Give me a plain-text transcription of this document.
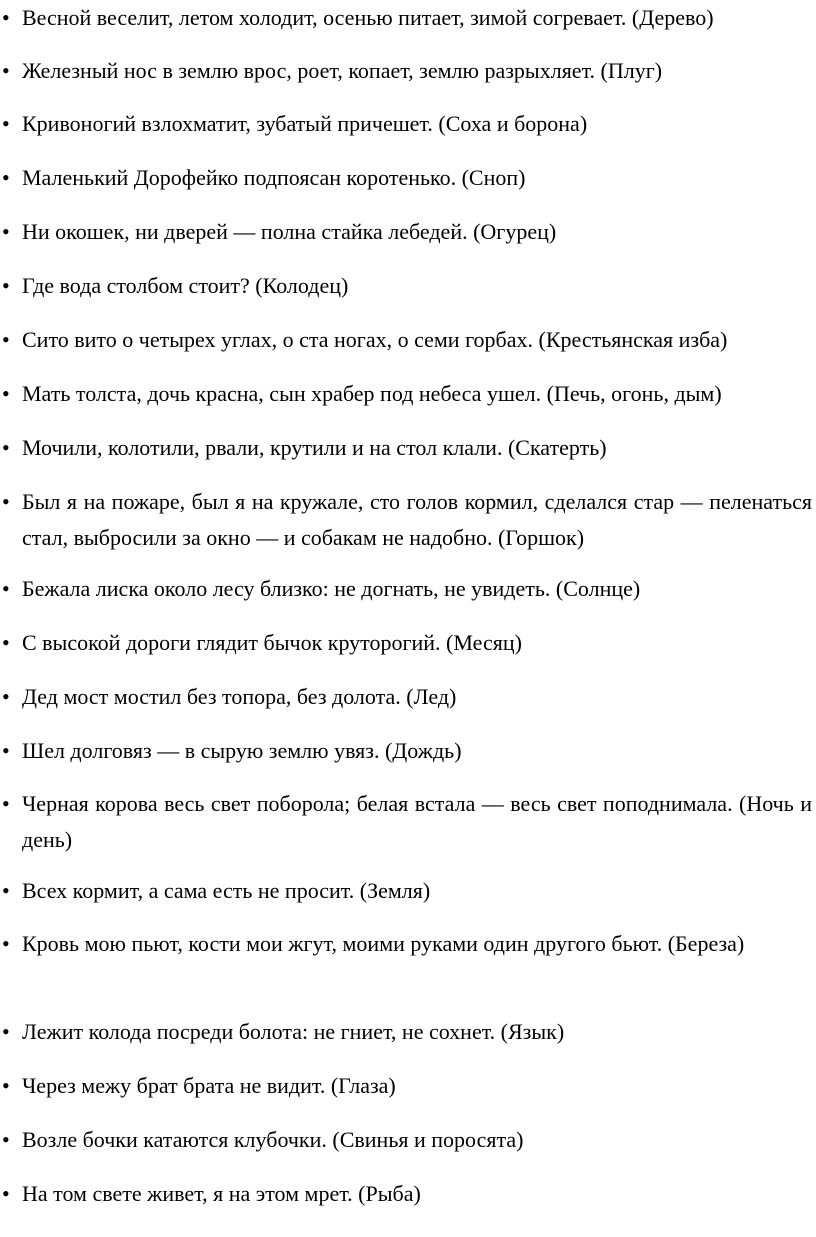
• Весной веселит, летом холодит, осенью питает, зимой согревает. (Дерево)

• Железный нос в землю врос, роет, копает, землю разрыхляет. (Плуг)

• Кривоногий взлохматит, зубатый причешет. (Соха и борона)

• Маленький Дорофейко подпоясан коротенько. (Сноп)

• Ни окошек, ни дверей — полна стайка лебедей. (Огурец)

• Где вода столбом стоит? (Колодец)

• Сито вито о четырех углах, о ста ногах, о семи горбах. (Крестьянская изба)

• Мать толста, дочь красна, сын храбер под небеса ушел. (Печь, огонь, дым)

• Мочили, колотили, рвали, крутили и на стол клали. (Скатерть)

• Был я на пожаре, был я на кружале, сто голов кормил, сделался стар — пеленаться стал, выбросили за окно — и собакам не надобно. (Горшок)

• Бежала лиска около лесу близко: не догнать, не увидеть. (Солнце)

• С высокой дороги глядит бычок круторогий. (Месяц)

• Дед мост мостил без топора, без долота. (Лед)

• Шел долговяз — в сырую землю увяз. (Дождь)

• Черная корова весь свет поборола; белая встала — весь свет поподнимала. (Ночь и день)

• Всех кормит, а сама есть не просит. (Земля)

• Кровь мою пьют, кости мои жгут, моими руками один другого бьют. (Береза)

• Лежит колода посреди болота: не гниет, не сохнет. (Язык)

• Через межу брат брата не видит. (Глаза)

• Возле бочки катаются клубочки. (Свинья и поросята)

• На том свете живет, я на этом мрет. (Рыба)
